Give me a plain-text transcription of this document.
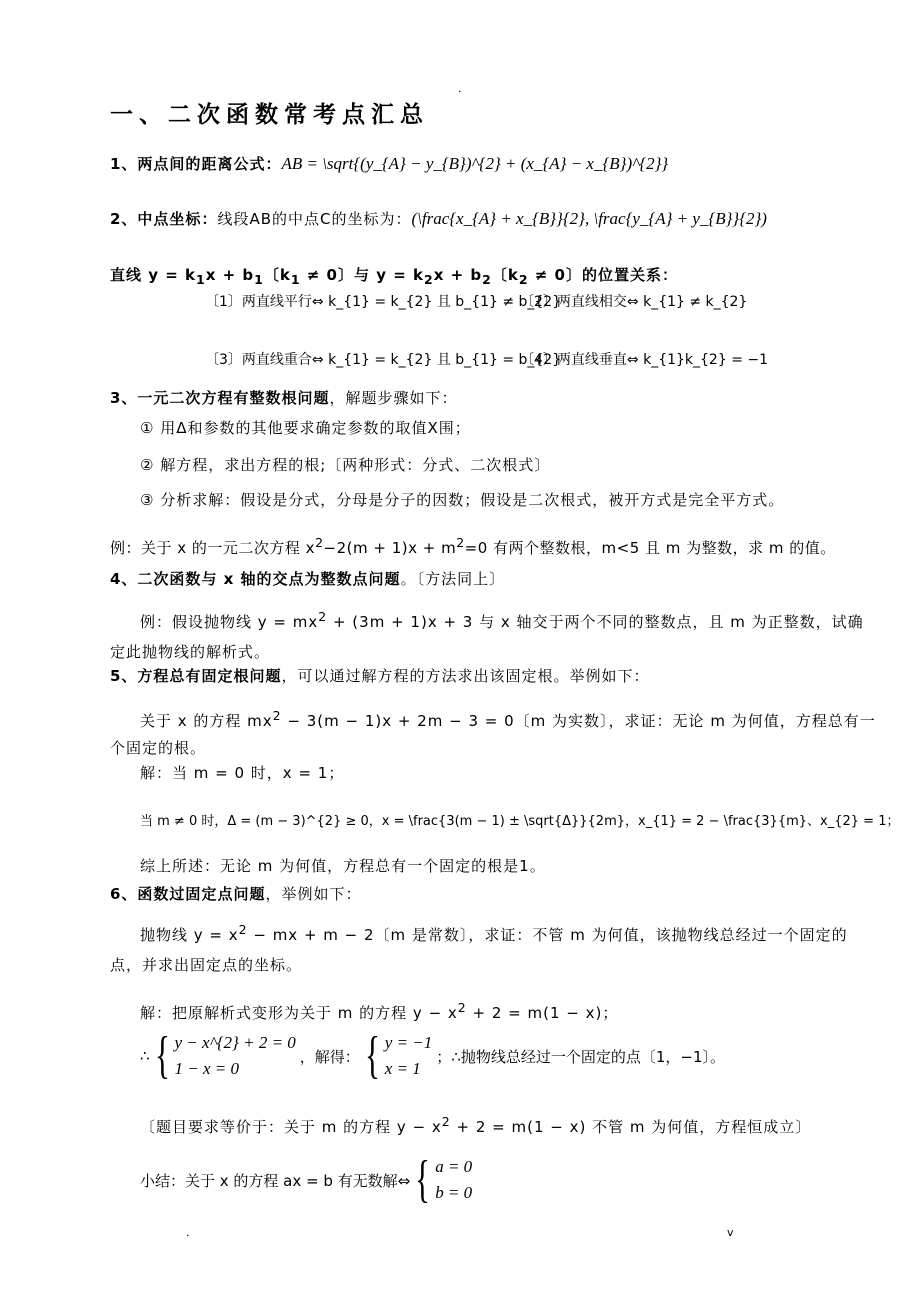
.
一、二次函数常考点汇总
1、两点间的距离公式：AB = \sqrt{(y_{A} − y_{B})^{2} + (x_{A} − x_{B})^{2}}
2、中点坐标：线段AB的中点C的坐标为：(\frac{x_{A} + x_{B}}{2}, \frac{y_{A} + y_{B}}{2})
直线 $y = k_1x + b_1$〔$k_1 \ne 0$〕与 $y = k_2x + b_2$〔$k_2 \ne 0$〕的位置关系：
〔1〕两直线平行⇔ k_{1} = k_{2} 且 b_{1} ≠ b_{2}
〔2〕两直线相交⇔ k_{1} ≠ k_{2}
〔3〕两直线重合⇔ k_{1} = k_{2} 且 b_{1} = b_{2}
〔4〕两直线垂直⇔ k_{1}k_{2} = −1
3、一元二次方程有整数根问题，解题步骤如下：
① 用Δ和参数的其他要求确定参数的取值X围；
② 解方程，求出方程的根;〔两种形式：分式、二次根式〕
③ 分析求解：假设是分式，分母是分子的因数；假设是二次根式，被开方式是完全平方式。
例：关于 x 的一元二次方程 $x^2-2(m + 1)x + m^2=0$ 有两个整数根，m<5 且 m 为整数，求 m 的值。
4、二次函数与 x 轴的交点为整数点问题。〔方法同上〕
例：假设抛物线 $y = mx^2 + (3m + 1)x + 3$ 与 x 轴交于两个不同的整数点，且 m 为正整数，试确
定此抛物线的解析式。
5、方程总有固定根问题，可以通过解方程的方法求出该固定根。举例如下：
关于 x 的方程 $mx^2 - 3(m - 1)x + 2m - 3 = 0$〔m 为实数〕，求证：无论 m 为何值，方程总有一
个固定的根。
解：当 m = 0 时，x = 1；
当 m ≠ 0 时，Δ = (m − 3)^{2} ≥ 0，x = \frac{3(m − 1) ± \sqrt{Δ}}{2m}，x_{1} = 2 − \frac{3}{m}、x_{2} = 1；
综上所述：无论 m 为何值，方程总有一个固定的根是1。
6、函数过固定点问题，举例如下：
抛物线 $y = x^2$ − mx + m − 2〔m 是常数〕，求证：不管 m 为何值，该抛物线总经过一个固定的
点，并求出固定点的坐标。
解：把原解析式变形为关于 m 的方程 $y - x^2 + 2 = m(1 - x)$；
∴ { y − x^{2} + 2 = 0
1 − x = 0
，解得： { y = −1
x = 1
；∴抛物线总经过一个固定的点〔1，−1〕。
〔题目要求等价于：关于 m 的方程 $y - x^2 + 2 = m(1 - x)$ 不管 m 为何值，方程恒成立〕
小结：关于 x 的方程 ax = b 有无数解⇔ { a = 0
b = 0
.	v
